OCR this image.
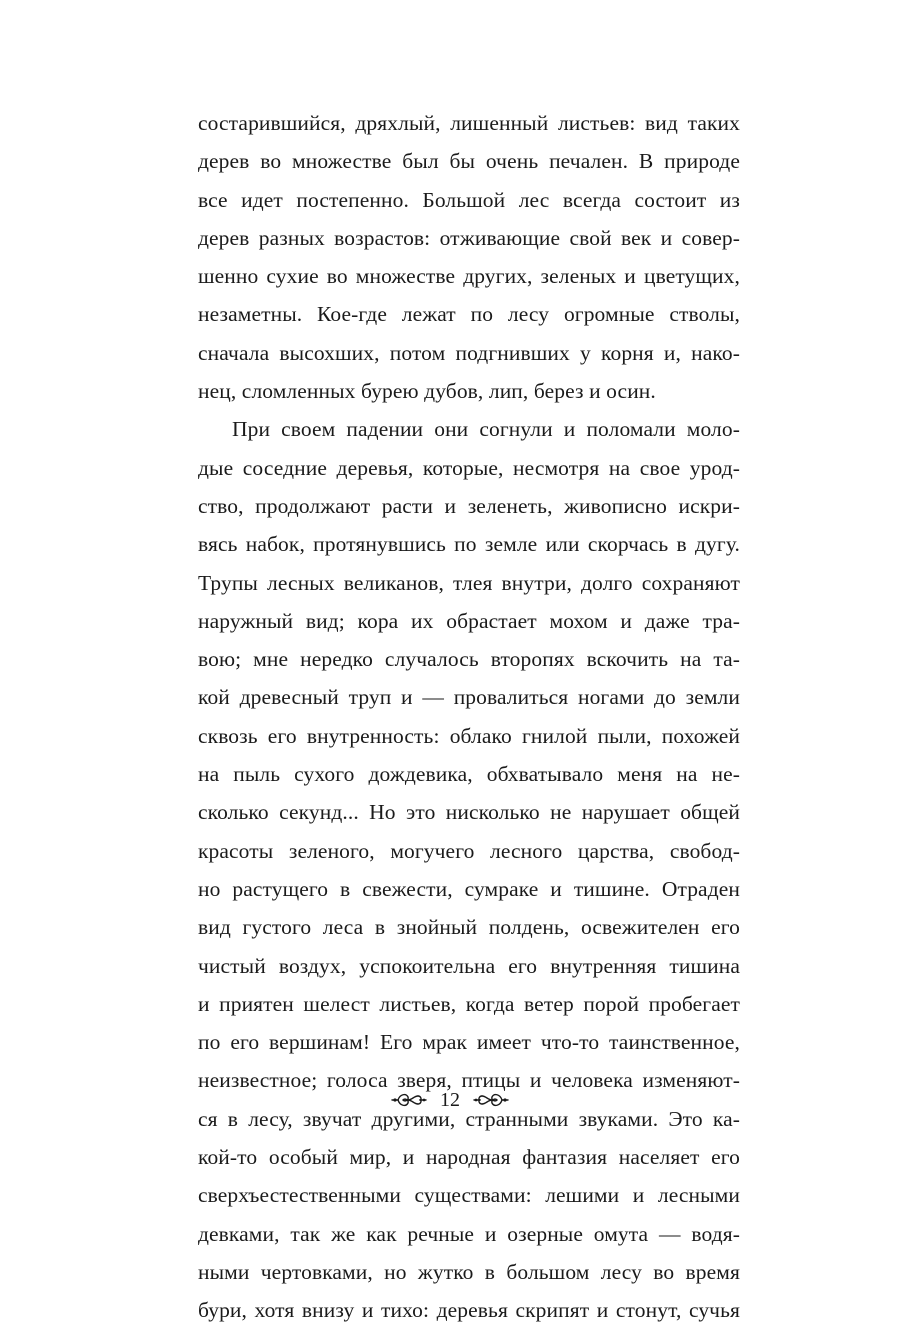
состарившийся, дряхлый, лишенный листьев: вид таких
дерев во множестве был бы очень печален. В природе
все идет постепенно. Большой лес всегда состоит из
дерев разных возрастов: отживающие свой век и совер-
шенно сухие во множестве других, зеленых и цветущих,
незаметны. Кое-где лежат по лесу огромные стволы,
сначала высохших, потом подгнивших у корня и, нако-
нец, сломленных бурею дубов, лип, берез и осин.
При своем падении они согнули и поломали моло-
дые соседние деревья, которые, несмотря на свое урод-
ство, продолжают расти и зеленеть, живописно искри-
вясь набок, протянувшись по земле или скорчась в дугу.
Трупы лесных великанов, тлея внутри, долго сохраняют
наружный вид; кора их обрастает мохом и даже тра-
вою; мне нередко случалось второпях вскочить на та-
кой древесный труп и — провалиться ногами до земли
сквозь его внутренность: облако гнилой пыли, похожей
на пыль сухого дождевика, обхватывало меня на не-
сколько секунд... Но это нисколько не нарушает общей
красоты зеленого, могучего лесного царства, свобод-
но растущего в свежести, сумраке и тишине. Отраден
вид густого леса в знойный полдень, освежителен его
чистый воздух, успокоительна его внутренняя тишина
и приятен шелест листьев, когда ветер порой пробегает
по его вершинам! Его мрак имеет что-то таинственное,
неизвестное; голоса зверя, птицы и человека изменяют-
ся в лесу, звучат другими, странными звуками. Это ка-
кой-то особый мир, и народная фантазия населяет его
сверхъестественными существами: лешими и лесными
девками, так же как речные и озерные омута — водя-
ными чертовками, но жутко в большом лесу во время
бури, хотя внизу и тихо: деревья скрипят и стонут, сучья
12
